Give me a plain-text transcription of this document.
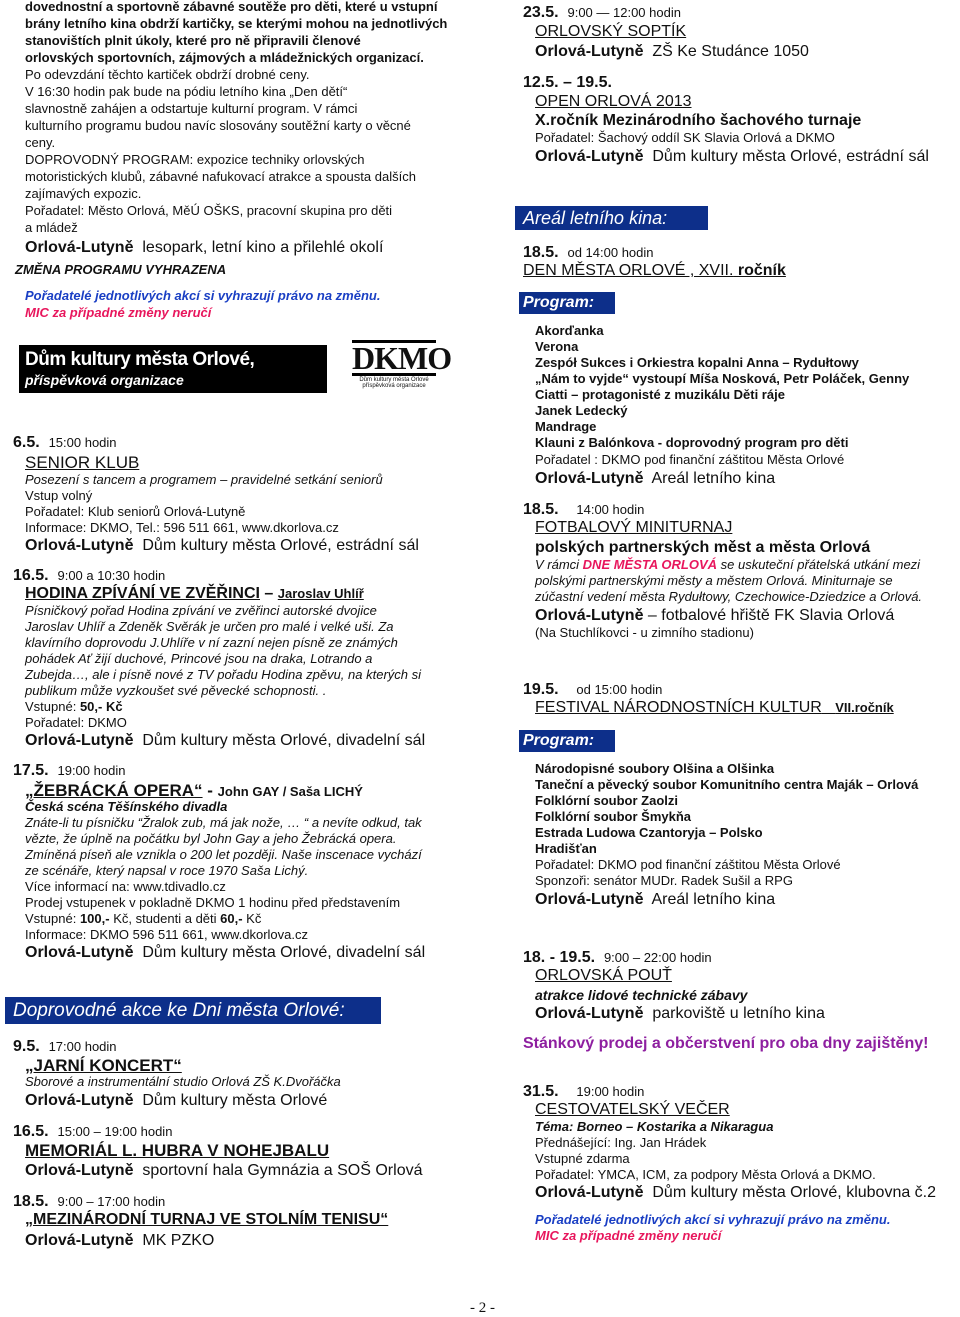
dovednostní a sportovně zábavné soutěže pro děti, které u vstupní
brány letního kina obdrží kartičky, se kterými mohou na jednotlivých
stanovištích plnit úkoly, které pro ně připravili členové
orlovských sportovních, zájmových a mládežnických organizací.
Po odevzdání těchto kartiček obdrží drobné ceny.
V 16:30 hodin pak bude na pódiu letního kina „Den dětí“
slavnostně zahájen a odstartuje kulturní program. V rámci
kulturního programu budou navíc slosovány soutěžní karty o věcné
ceny.
DOPROVODNÝ PROGRAM: expozice techniky orlovských
motoristických klubů, zábavné nafukovací atrakce a spousta dalších
zajímavých expozic.
Pořadatel: Město Orlová, MěÚ OŠKS, pracovní skupina pro děti
a mládež
Orlová-Lutyně lesopark, letní kino a přilehlé okolí
ZMĚNA PROGRAMU VYHRAZENA
Pořadatelé jednotlivých akcí si vyhrazují právo na změnu.
MIC za případné změny neručí
Dům kultury města Orlové,
příspěvková organizace
DKMO
Dům kultury města Orlové
příspěvková organizace
6.5. 15:00 hodin
SENIOR KLUB
Posezení s tancem a programem – pravidelné setkání seniorů
Vstup volný
Pořadatel: Klub seniorů Orlová-Lutyně
Informace: DKMO, Tel.: 596 511 661, www.dkorlova.cz
Orlová-Lutyně Dům kultury města Orlové, estrádní sál
16.5. 9:00 a 10:30 hodin
HODINA ZPÍVÁNÍ VE ZVĚŘINCI – Jaroslav Uhlíř
Písničkový pořad Hodina zpívání ve zvěřinci autorské dvojice
Jaroslav Uhlíř a Zdeněk Svěrák je určen pro malé i velké uši. Za
klavírního doprovodu J.Uhlíře v ní zazní nejen písně ze známých
pohádek Ať žijí duchové, Princové jsou na draka, Lotrando a
Zubejda…, ale i písně nové z TV pořadu Hodina zpěvu, na kterých si
publikum může vyzkoušet své pěvecké schopnosti. .
Vstupné: 50,- Kč
Pořadatel: DKMO
Orlová-Lutyně Dům kultury města Orlové, divadelní sál
17.5. 19:00 hodin
„ŽEBRÁCKÁ OPERA“ - John GAY / Saša LICHÝ
Česká scéna Těšínského divadla
Znáte-li tu písničku “Žralok zub, má jak nože, … “ a nevíte odkud, tak
vězte, že úplně na počátku byl John Gay a jeho Žebrácká opera.
Zmíněná píseň ale vznikla o 200 let později. Naše inscenace vychází
ze scénáře, který napsal v roce 1970 Saša Lichý.
Více informací na: www.tdivadlo.cz
Prodej vstupenek v pokladně DKMO 1 hodinu před představením
Vstupné: 100,- Kč, studenti a děti 60,- Kč
Informace: DKMO 596 511 661, www.dkorlova.cz
Orlová-Lutyně Dům kultury města Orlové, divadelní sál
Doprovodné akce ke Dni města Orlové:
9.5. 17:00 hodin
„JARNÍ KONCERT“
Sborové a instrumentální studio Orlová ZŠ K.Dvořáčka
Orlová-Lutyně Dům kultury města Orlové
16.5. 15:00 – 19:00 hodin
MEMORIÁL L. HUBRA V NOHEJBALU
Orlová-Lutyně sportovní hala Gymnázia a SOŠ Orlová
18.5. 9:00 – 17:00 hodin
„MEZINÁRODNÍ TURNAJ VE STOLNÍM TENISU“
Orlová-Lutyně MK PZKO
23.5. 9:00 — 12:00 hodin
ORLOVSKÝ SOPTÍK
Orlová-Lutyně ZŠ Ke Studánce 1050
12.5. – 19.5.
OPEN ORLOVÁ 2013
X.ročník Mezinárodního šachového turnaje
Pořadatel: Šachový oddíl SK Slavia Orlová a DKMO
Orlová-Lutyně Dům kultury města Orlové, estrádní sál
Areál letního kina:
18.5. od 14:00 hodin
DEN MĚSTA ORLOVÉ , XVII. ročník
Program:
Akorďanka
Verona
Zespół Sukces i Orkiestra kopalni Anna – Rydułtowy
„Nám to vyjde“ vystoupí Míša Nosková, Petr Poláček, Genny
Ciatti – protagonisté z muzikálu Děti ráje
Janek Ledecký
Mandrage
Klauni z Balónkova - doprovodný program pro děti
Pořadatel : DKMO pod finanční záštitou Města Orlové
Orlová-Lutyně Areál letního kina
18.5. 14:00 hodin
FOTBALOVÝ MINITURNAJ
polských partnerských měst a města Orlová
V rámci DNE MĚSTA ORLOVÁ se uskuteční přátelská utkání mezi
polskými partnerskými městy a městem Orlová. Miniturnaje se
zúčastní vedení města Rydułtowy, Czechowice-Dziedzice a Orlová.
Orlová-Lutyně – fotbalové hřiště FK Slavia Orlová
(Na Stuchlíkovci - u zimního stadionu)
19.5. od 15:00 hodin
FESTIVAL NÁRODNOSTNÍCH KULTUR VII.ročník
Program:
Národopisné soubory Olšina a Olšinka
Taneční a pěvecký soubor Komunitního centra Maják – Orlová
Folklórní soubor Zaolzi
Folklórní soubor Šmykňa
Estrada Ludowa Czantoryja – Polsko
Hradišťan
Pořadatel: DKMO pod finanční záštitou Města Orlové
Sponzoři: senátor MUDr. Radek Sušil a RPG
Orlová-Lutyně Areál letního kina
18. - 19.5. 9:00 – 22:00 hodin
ORLOVSKÁ POUŤ
atrakce lidové technické zábavy
Orlová-Lutyně parkoviště u letního kina
Stánkový prodej a občerstvení pro oba dny zajištěny!
31.5. 19:00 hodin
CESTOVATELSKÝ VEČER
Téma: Borneo – Kostarika a Nikaragua
Přednášející: Ing. Jan Hrádek
Vstupné zdarma
Pořadatel: YMCA, ICM, za podpory Města Orlová a DKMO.
Orlová-Lutyně Dům kultury města Orlové, klubovna č.2
Pořadatelé jednotlivých akcí si vyhrazují právo na změnu.
MIC za případné změny neručí
- 2 -
